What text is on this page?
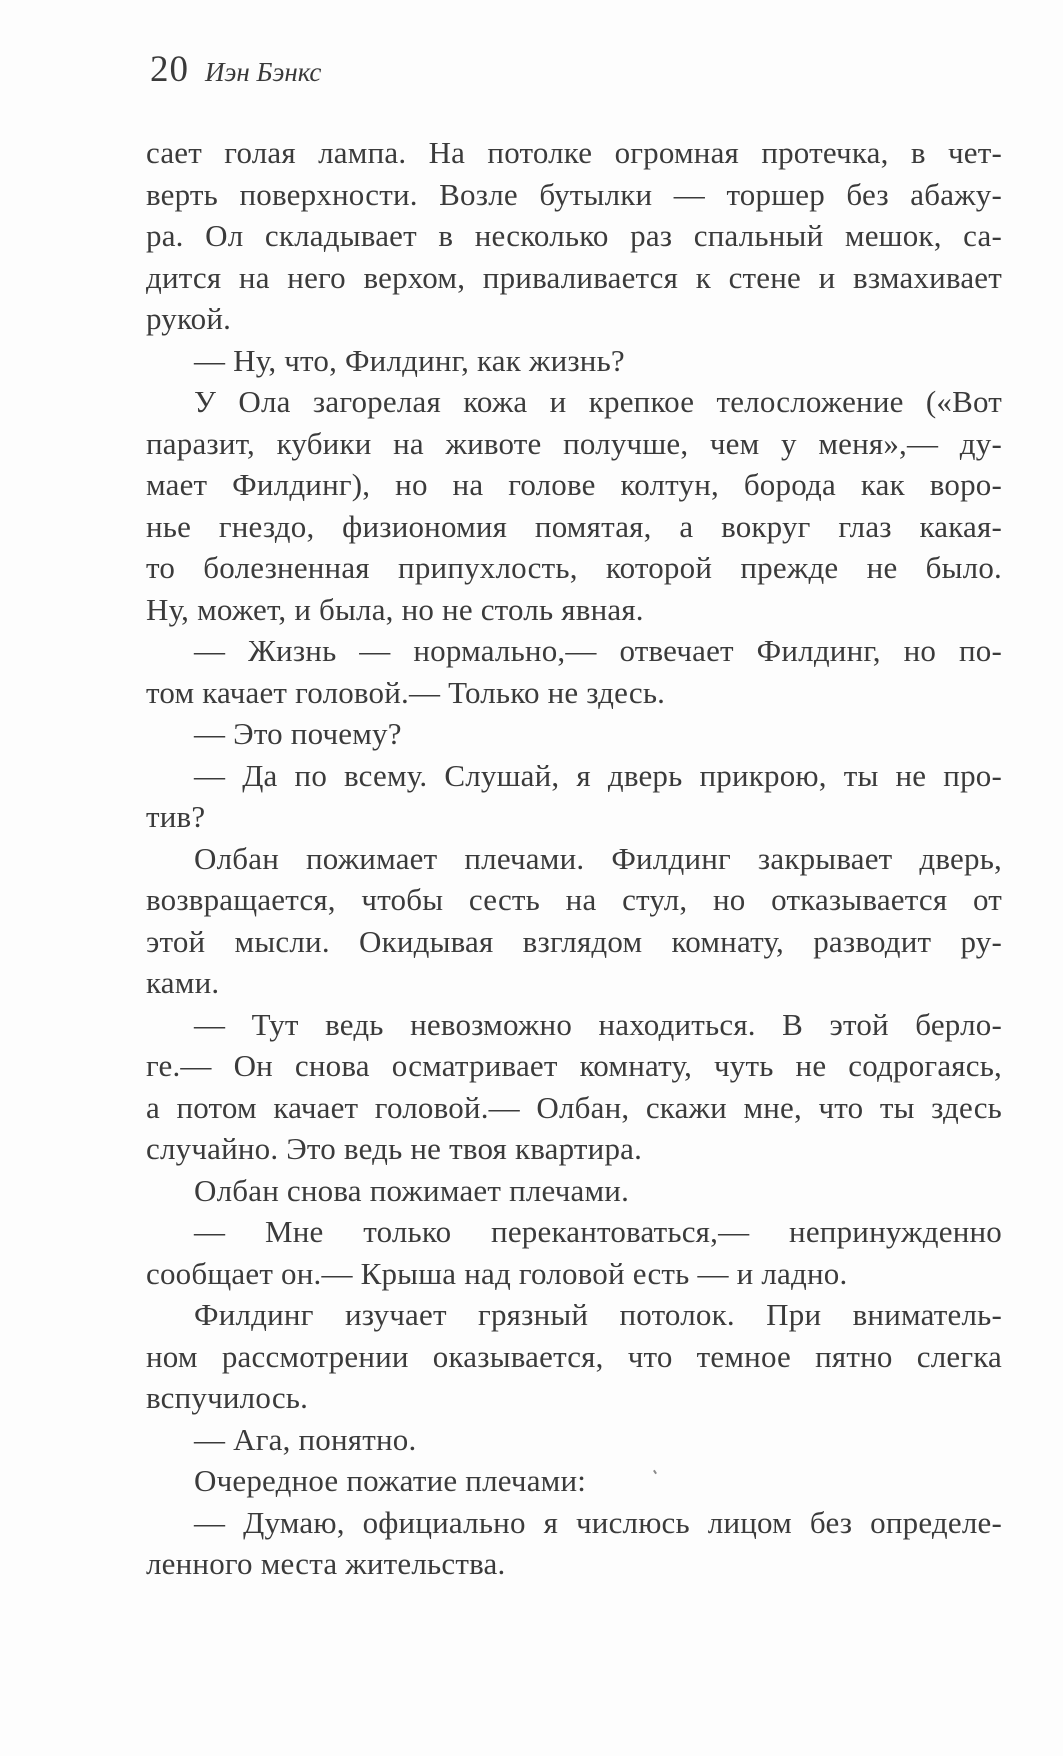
20 Иэн Бэнкс
сает голая лампа. На потолке огромная протечка, в чет-
верть поверхности. Возле бутылки — торшер без абажу-
ра. Ол складывает в несколько раз спальный мешок, са-
дится на него верхом, приваливается к стене и взмахивает
рукой.
— Ну, что, Филдинг, как жизнь?
У Ола загорелая кожа и крепкое телосложение («Вот
паразит, кубики на животе получше, чем у меня»,— ду-
мает Филдинг), но на голове колтун, борода как воро-
нье гнездо, физиономия помятая, а вокруг глаз какая-
то болезненная припухлость, которой прежде не было.
Ну, может, и была, но не столь явная.
— Жизнь — нормально,— отвечает Филдинг, но по-
том качает головой.— Только не здесь.
— Это почему?
— Да по всему. Слушай, я дверь прикрою, ты не про-
тив?
Олбан пожимает плечами. Филдинг закрывает дверь,
возвращается, чтобы сесть на стул, но отказывается от
этой мысли. Окидывая взглядом комнату, разводит ру-
ками.
— Тут ведь невозможно находиться. В этой берло-
ге.— Он снова осматривает комнату, чуть не содрогаясь,
а потом качает головой.— Олбан, скажи мне, что ты здесь
случайно. Это ведь не твоя квартира.
Олбан снова пожимает плечами.
— Мне только перекантоваться,— непринужденно
сообщает он.— Крыша над головой есть — и ладно.
Филдинг изучает грязный потолок. При вниматель-
ном рассмотрении оказывается, что темное пятно слегка
вспучилось.
— Ага, понятно.
Очередное пожатие плечами:
— Думаю, официально я числюсь лицом без определе-
ленного места жительства.
